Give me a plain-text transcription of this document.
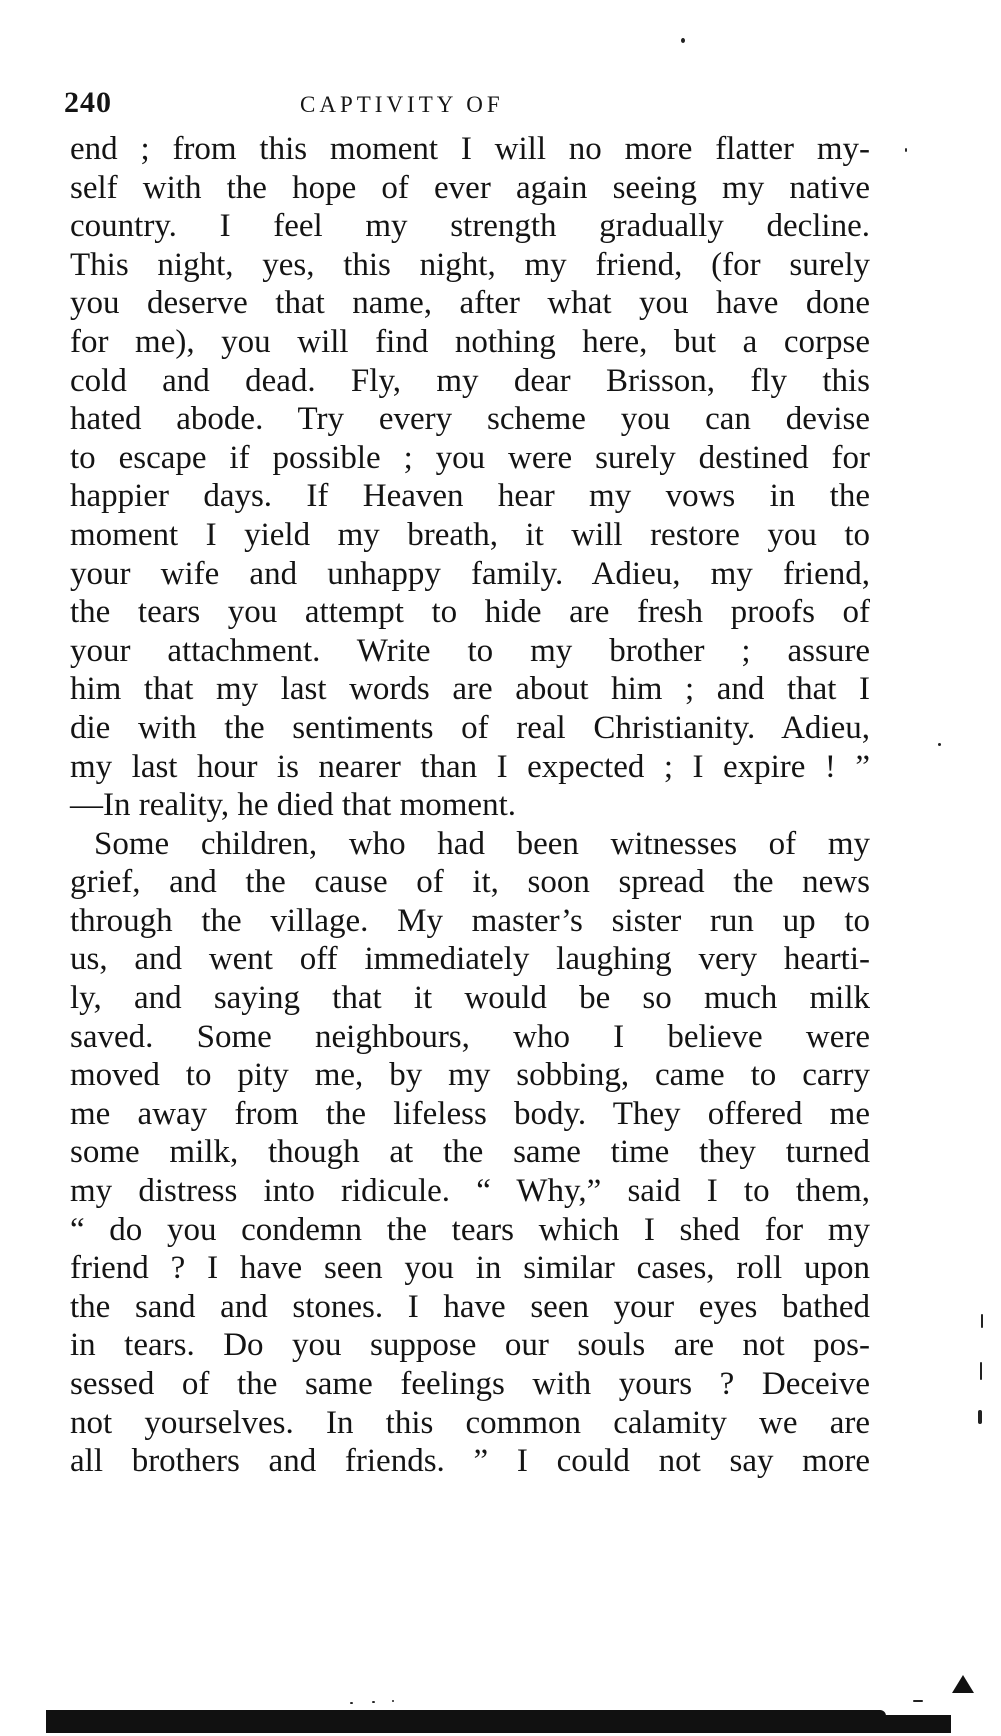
240	CAPTIVITY OF
end ; from this moment I will no more flatter my-
self with the hope of ever again seeing my native
country. I feel my strength gradually decline.
This night, yes, this night, my friend, (for surely
you deserve that name, after what you have done
for me), you will find nothing here, but a corpse
cold and dead. Fly, my dear Brisson, fly this
hated abode. Try every scheme you can devise
to escape if possible ; you were surely destined for
happier days. If Heaven hear my vows in the
moment I yield my breath, it will restore you to
your wife and unhappy family. Adieu, my friend,
the tears you attempt to hide are fresh proofs of
your attachment. Write to my brother ; assure
him that my last words are about him ; and that I
die with the sentiments of real Christianity. Adieu,
my last hour is nearer than I expected ; I expire ! ”
—In reality, he died that moment.
Some children, who had been witnesses of my
grief, and the cause of it, soon spread the news
through the village. My master’s sister run up to
us, and went off immediately laughing very hearti-
ly, and saying that it would be so much milk
saved. Some neighbours, who I believe were
moved to pity me, by my sobbing, came to carry
me away from the lifeless body. They offered me
some milk, though at the same time they turned
my distress into ridicule. “ Why,” said I to them,
“ do you condemn the tears which I shed for my
friend ? I have seen you in similar cases, roll upon
the sand and stones. I have seen your eyes bathed
in tears. Do you suppose our souls are not pos-
sessed of the same feelings with yours ? Deceive
not yourselves. In this common calamity we are
all brothers and friends. ” I could not say more
